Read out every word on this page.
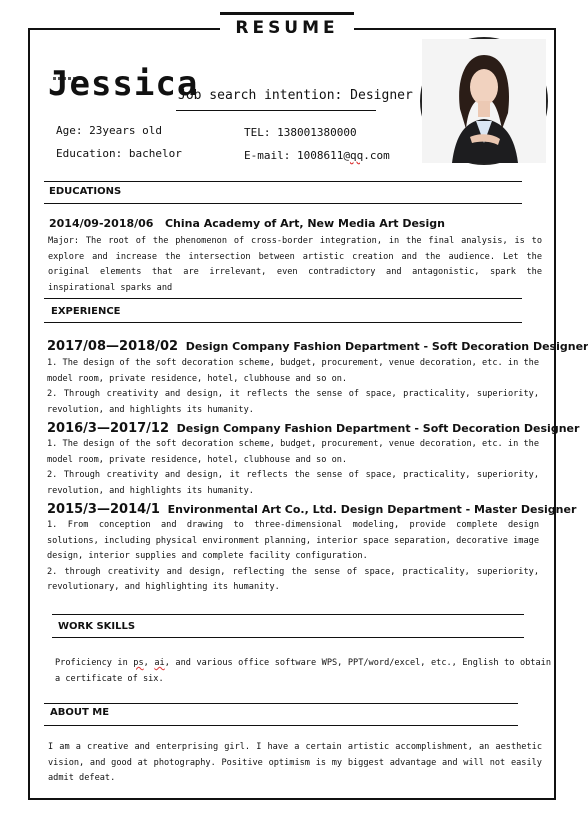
RESUME
Jessica
Job search intention: Designer
Age: 23years old	TEL: 138001380000
Education: bachelor	E-mail: 1008611@qq.com
EDUCATIONS
2014/09-2018/06 China Academy of Art, New Media Art Design

Major: The root of the phenomenon of cross-border integration, in the final analysis, is to explore and increase the intersection between artistic creation and the audience. Let the original elements that are irrelevant, even contradictory and antagonistic, spark the inspirational sparks and

EXPERIENCE
2017/08—2018/02 Design Company Fashion Department - Soft Decoration Designer

1. The design of the soft decoration scheme, budget, procurement, venue decoration, etc. in the model room, private residence, hotel, clubhouse and so on.

2. Through creativity and design, it reflects the sense of space, practicality, superiority, revolution, and highlights its humanity.

2016/3—2017/12 Design Company Fashion Department - Soft Decoration Designer

1. The design of the soft decoration scheme, budget, procurement, venue decoration, etc. in the model room, private residence, hotel, clubhouse and so on.

2. Through creativity and design, it reflects the sense of space, practicality, superiority, revolution, and highlights its humanity.

2015/3—2014/1 Environmental Art Co., Ltd. Design Department - Master Designer

1. From conception and drawing to three-dimensional modeling, provide complete design solutions, including physical environment planning, interior space separation, decorative image design, interior supplies and complete facility configuration.

2. through creativity and design, reflecting the sense of space, practicality, superiority, revolutionary, and highlighting its humanity.

WORK SKILLS

Proficiency in ps, ai, and various office software WPS, PPT/word/excel, etc., English to obtain a certificate of six.

ABOUT ME

I am a creative and enterprising girl. I have a certain artistic accomplishment, an aesthetic vision, and good at photography. Positive optimism is my biggest advantage and will not easily admit defeat.
